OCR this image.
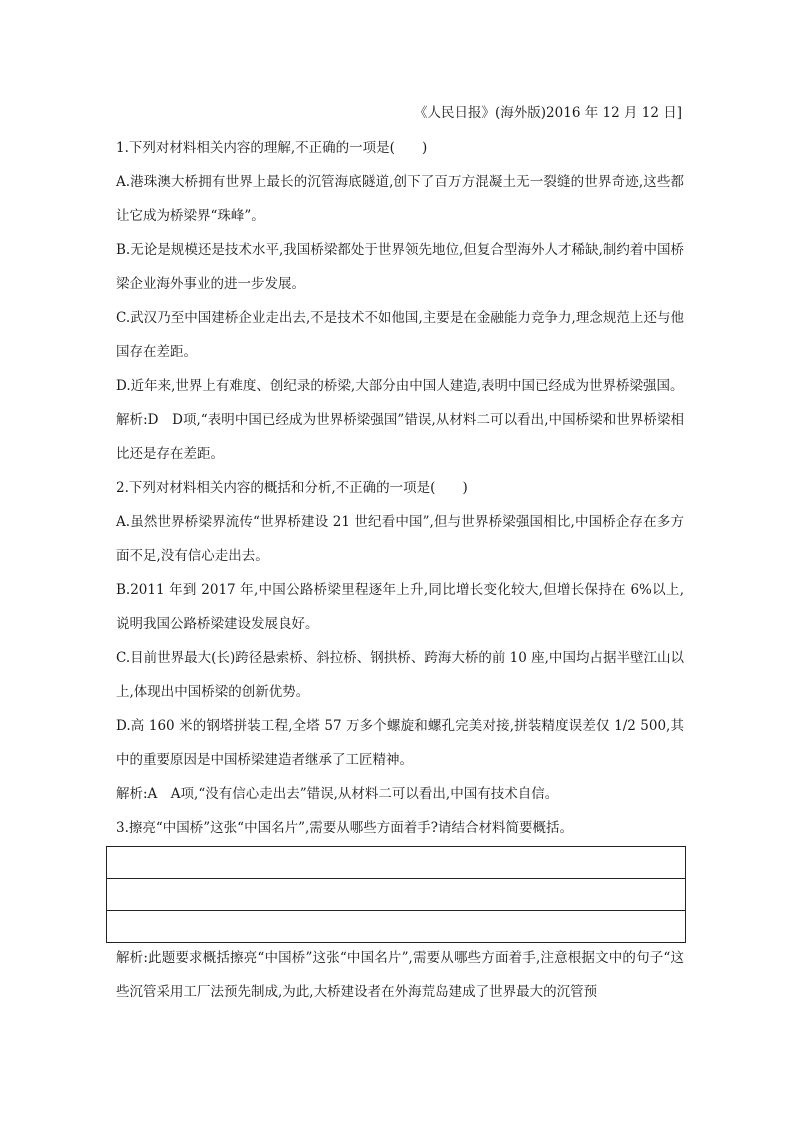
《人民日报》(海外版)2016 年 12 月 12 日]

1.下列对材料相关内容的理解,不正确的一项是(　　)

A.港珠澳大桥拥有世界上最长的沉管海底隧道,创下了百万方混凝土无一裂缝的世界奇迹,这些都让它成为桥梁界“珠峰”。

B.无论是规模还是技术水平,我国桥梁都处于世界领先地位,但复合型海外人才稀缺,制约着中国桥梁企业海外事业的进一步发展。

C.武汉乃至中国建桥企业走出去,不是技术不如他国,主要是在金融能力竞争力,理念规范上还与他国存在差距。

D.近年来,世界上有难度、创纪录的桥梁,大部分由中国人建造,表明中国已经成为世界桥梁强国。

解析:D　D项,“表明中国已经成为世界桥梁强国”错误,从材料二可以看出,中国桥梁和世界桥梁相比还是存在差距。

2.下列对材料相关内容的概括和分析,不正确的一项是(　　)

A.虽然世界桥梁界流传“世界桥建设 21 世纪看中国”,但与世界桥梁强国相比,中国桥企存在多方面不足,没有信心走出去。

B.2011 年到 2017 年,中国公路桥梁里程逐年上升,同比增长变化较大,但增长保持在 6%以上,说明我国公路桥梁建设发展良好。

C.目前世界最大(长)跨径悬索桥、斜拉桥、钢拱桥、跨海大桥的前 10 座,中国均占据半壁江山以上,体现出中国桥梁的创新优势。

D.高 160 米的钢塔拼装工程,全塔 57 万多个螺旋和螺孔完美对接,拼装精度误差仅 1/2 500,其中的重要原因是中国桥梁建造者继承了工匠精神。

解析:A　A项,“没有信心走出去”错误,从材料二可以看出,中国有技术自信。

3.擦亮“中国桥”这张“中国名片”,需要从哪些方面着手?请结合材料简要概括。

解析:此题要求概括擦亮“中国桥”这张“中国名片”,需要从哪些方面着手,注意根据文中的句子“这些沉管采用工厂法预先制成,为此,大桥建设者在外海荒岛建成了世界最大的沉管预
